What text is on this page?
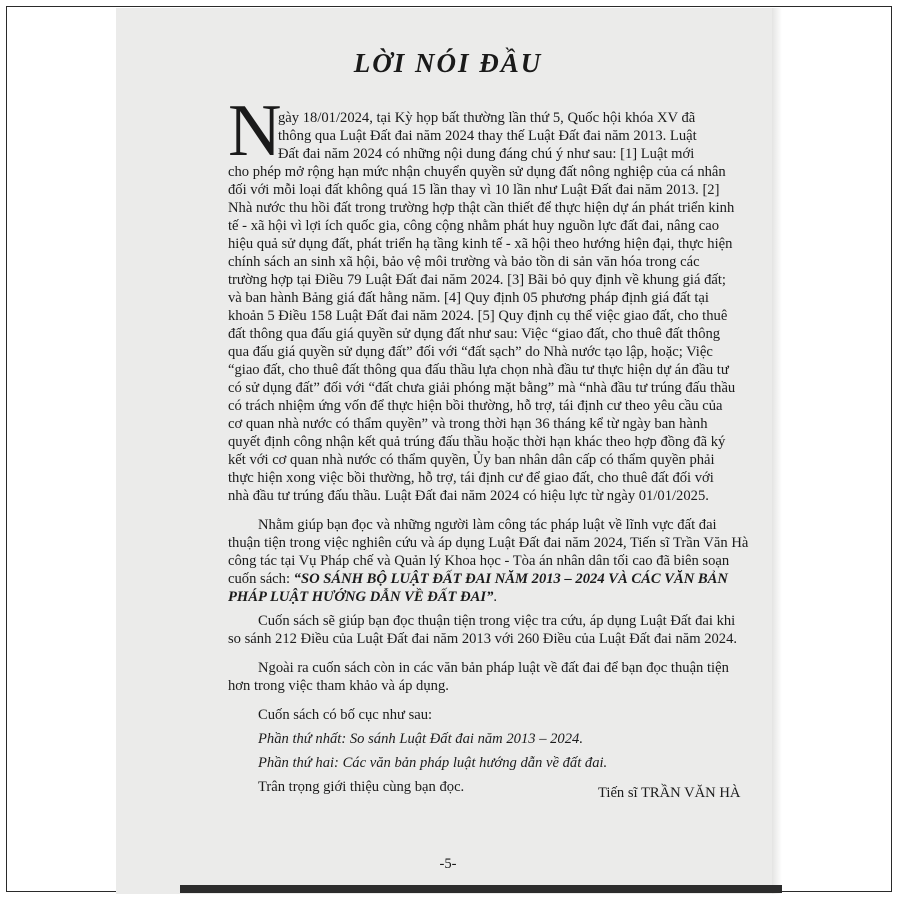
LỜI NÓI ĐẦU
N
gày 18/01/2024, tại Kỳ họp bất thường lần thứ 5, Quốc hội khóa XV đã
thông qua Luật Đất đai năm 2024 thay thế Luật Đất đai năm 2013. Luật
Đất đai năm 2024 có những nội dung đáng chú ý như sau: [1] Luật mới
cho phép mở rộng hạn mức nhận chuyển quyền sử dụng đất nông nghiệp của cá nhân
đối với mỗi loại đất không quá 15 lần thay vì 10 lần như Luật Đất đai năm 2013. [2]
Nhà nước thu hồi đất trong trường hợp thật cần thiết để thực hiện dự án phát triển kinh
tế - xã hội vì lợi ích quốc gia, công cộng nhằm phát huy nguồn lực đất đai, nâng cao
hiệu quả sử dụng đất, phát triển hạ tầng kinh tế - xã hội theo hướng hiện đại, thực hiện
chính sách an sinh xã hội, bảo vệ môi trường và bảo tồn di sản văn hóa trong các
trường hợp tại Điều 79 Luật Đất đai năm 2024. [3] Bãi bỏ quy định về khung giá đất;
và ban hành Bảng giá đất hằng năm. [4] Quy định 05 phương pháp định giá đất tại
khoản 5 Điều 158 Luật Đất đai năm 2024. [5] Quy định cụ thể việc giao đất, cho thuê
đất thông qua đấu giá quyền sử dụng đất như sau: Việc “giao đất, cho thuê đất thông
qua đấu giá quyền sử dụng đất” đối với “đất sạch” do Nhà nước tạo lập, hoặc; Việc
“giao đất, cho thuê đất thông qua đấu thầu lựa chọn nhà đầu tư thực hiện dự án đầu tư
có sử dụng đất” đối với “đất chưa giải phóng mặt bằng” mà “nhà đầu tư trúng đấu thầu
có trách nhiệm ứng vốn để thực hiện bồi thường, hỗ trợ, tái định cư theo yêu cầu của
cơ quan nhà nước có thẩm quyền” và trong thời hạn 36 tháng kể từ ngày ban hành
quyết định công nhận kết quả trúng đấu thầu hoặc thời hạn khác theo hợp đồng đã ký
kết với cơ quan nhà nước có thẩm quyền, Ủy ban nhân dân cấp có thẩm quyền phải
thực hiện xong việc bồi thường, hỗ trợ, tái định cư để giao đất, cho thuê đất đối với
nhà đầu tư trúng đấu thầu. Luật Đất đai năm 2024 có hiệu lực từ ngày 01/01/2025.
Nhằm giúp bạn đọc và những người làm công tác pháp luật về lĩnh vực đất đai
thuận tiện trong việc nghiên cứu và áp dụng Luật Đất đai năm 2024, Tiến sĩ Trần Văn Hà
công tác tại Vụ Pháp chế và Quản lý Khoa học - Tòa án nhân dân tối cao đã biên soạn
cuốn sách: “SO SÁNH BỘ LUẬT ĐẤT ĐAI NĂM 2013 – 2024 VÀ CÁC VĂN BẢN
PHÁP LUẬT HƯỚNG DẪN VỀ ĐẤT ĐAI”.
Cuốn sách sẽ giúp bạn đọc thuận tiện trong việc tra cứu, áp dụng Luật Đất đai khi
so sánh 212 Điều của Luật Đất đai năm 2013 với 260 Điều của Luật Đất đai năm 2024.
Ngoài ra cuốn sách còn in các văn bản pháp luật về đất đai để bạn đọc thuận tiện
hơn trong việc tham khảo và áp dụng.
Cuốn sách có bố cục như sau:
Phần thứ nhất: So sánh Luật Đất đai năm 2013 – 2024.
Phần thứ hai: Các văn bản pháp luật hướng dẫn về đất đai.
Trân trọng giới thiệu cùng bạn đọc.	Tiến sĩ TRẦN VĂN HÀ
-5-
